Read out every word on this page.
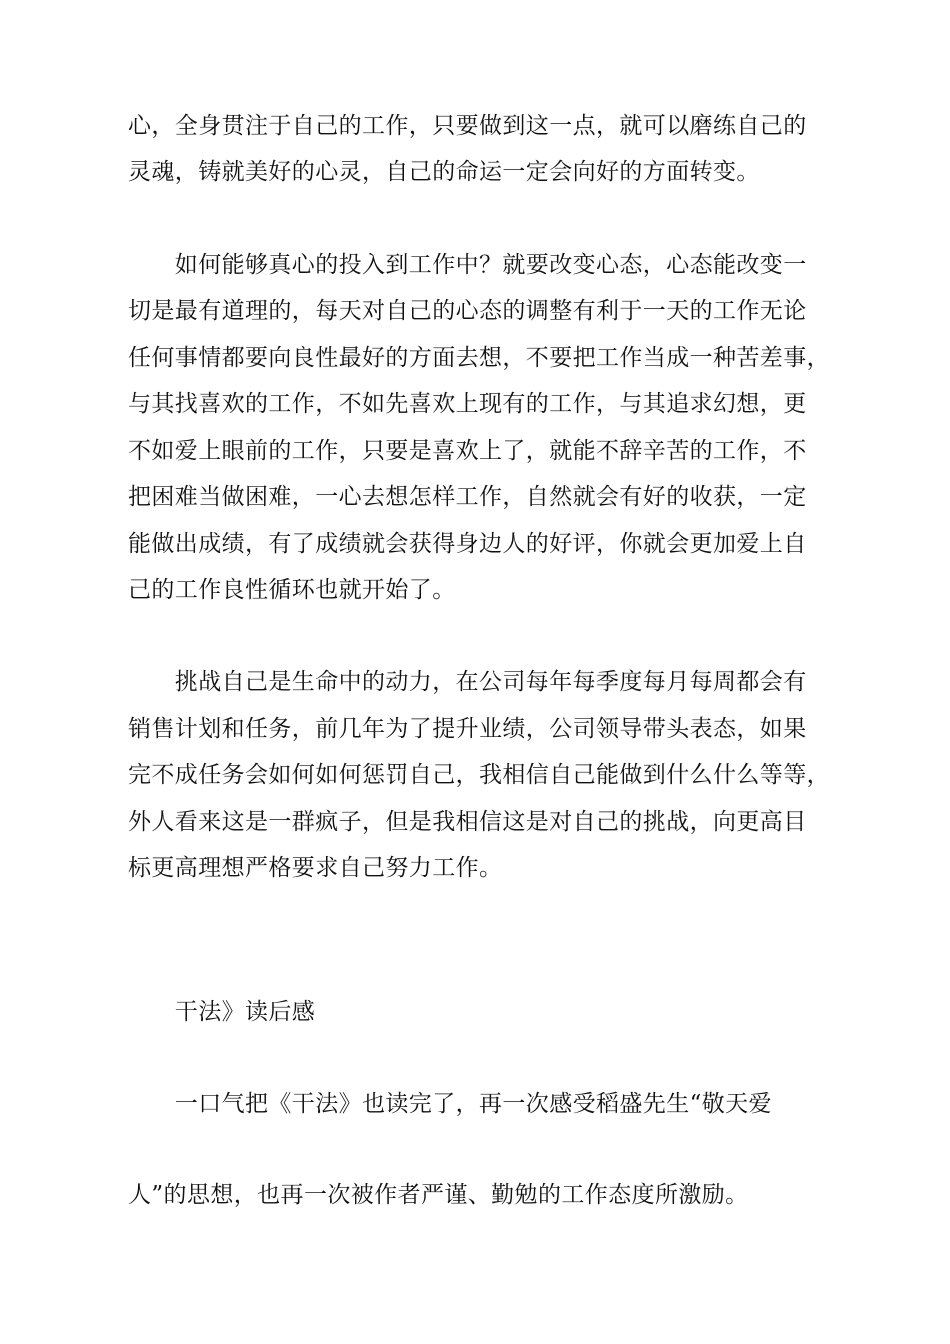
心，全身贯注于自己的工作，只要做到这一点，就可以磨练自己的
灵魂，铸就美好的心灵，自己的命运一定会向好的方面转变。
　　如何能够真心的投入到工作中？就要改变心态，心态能改变一
切是最有道理的，每天对自己的心态的调整有利于一天的工作无论
任何事情都要向良性最好的方面去想，不要把工作当成一种苦差事，
与其找喜欢的工作，不如先喜欢上现有的工作，与其追求幻想，更
不如爱上眼前的工作，只要是喜欢上了，就能不辞辛苦的工作，不
把困难当做困难，一心去想怎样工作，自然就会有好的收获，一定
能做出成绩，有了成绩就会获得身边人的好评，你就会更加爱上自
己的工作良性循环也就开始了。
　　挑战自己是生命中的动力，在公司每年每季度每月每周都会有
销售计划和任务，前几年为了提升业绩，公司领导带头表态，如果
完不成任务会如何如何惩罚自己，我相信自己能做到什么什么等等，
外人看来这是一群疯子，但是我相信这是对自己的挑战，向更高目
标更高理想严格要求自己努力工作。
　　干法》读后感
　　一口气把《干法》也读完了，再一次感受稻盛先生“敬天爱
人”的思想，也再一次被作者严谨、勤勉的工作态度所激励。
